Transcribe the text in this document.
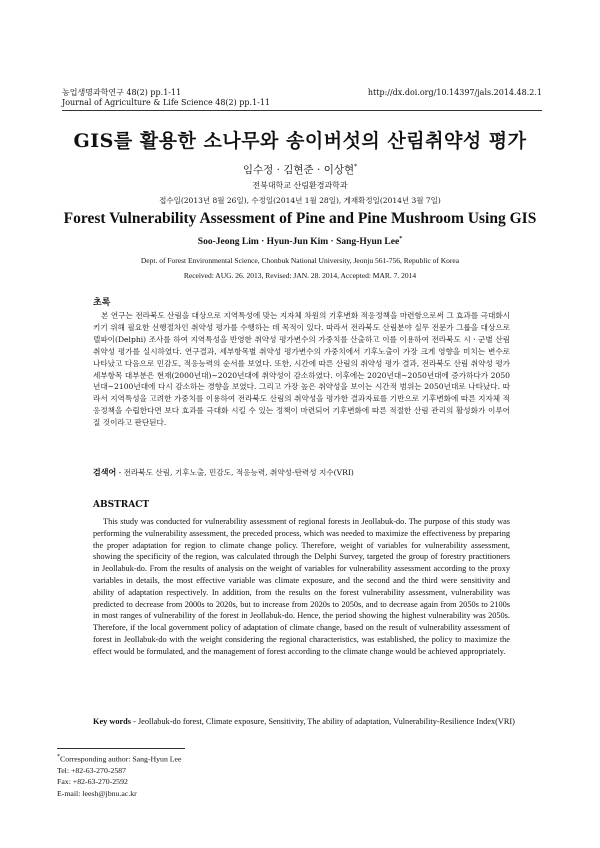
농업생명과학연구 48(2) pp.1-11	http://dx.doi.org/10.14397/jals.2014.48.2.1
Journal of Agriculture & Life Science 48(2) pp.1-11
GIS를 활용한 소나무와 송이버섯의 산림취약성 평가
임수정 · 김현준 · 이상현*
전북대학교 산림환경과학과
접수일(2013년 8월 26일), 수정일(2014년 1월 28일), 게재확정일(2014년 3월 7일)
Forest Vulnerability Assessment of Pine and Pine Mushroom Using GIS
Soo-Jeong Lim · Hyun-Jun Kim · Sang-Hyun Lee*
Dept. of Forest Environmental Science, Chonbuk National University, Jeonju 561-756, Republic of Korea
Received: AUG. 26. 2013, Revised: JAN. 28. 2014, Accepted: MAR. 7. 2014
초록
본 연구는 전라북도 산림을 대상으로 지역특성에 맞는 지자체 차원의 기후변화 적응정책을 마련함으로써 그 효과를 극대화시키기 위해 필요한 선행절차인 취약성 평가를 수행하는 데 목적이 있다. 따라서 전라북도 산림분야 실무 전문가 그룹을 대상으로 델파이(Delphi) 조사를 하여 지역특성을 반영한 취약성 평가변수의 가중치를 산출하고 이를 이용하여 전라북도 시ㆍ군별 산림 취약성 평가를 실시하였다. 연구결과, 세부항목별 취약성 평가변수의 가중치에서 기후노출이 가장 크게 영향을 미치는 변수로 나타났고 다음으로 민감도, 적응능력의 순서를 보였다. 또한, 시간에 따른 산림의 취약성 평가 결과, 전라북도 산림 취약성 평가 세부항목 대부분은 현재(2000년대)∼2020년대에 취약성이 감소하였다. 이후에는 2020년대∼2050년대에 증가하다가 2050년대∼2100년대에 다시 감소하는 경향을 보였다. 그리고 가장 높은 취약성을 보이는 시간적 범위는 2050년대로 나타났다. 따라서 지역특성을 고려한 가중치를 이용하여 전라북도 산림의 취약성을 평가한 결과자료를 기반으로 기후변화에 따른 지자체 적응정책을 수립한다면 보다 효과를 극대화 시킬 수 있는 정책이 마련되어 기후변화에 따른 적절한 산림 관리의 활성화가 이루어질 것이라고 판단된다.
검색어 - 전라북도 산림, 기후노출, 민감도, 적응능력, 취약성-탄력성 지수(VRI)
ABSTRACT
This study was conducted for vulnerability assessment of regional forests in Jeollabuk-do. The purpose of this study was performing the vulnerability assessment, the preceded process, which was needed to maximize the effectiveness by preparing the proper adaptation for region to climate change policy. Therefore, weight of variables for vulnerability assessment, showing the specificity of the region, was calculated through the Delphi Survey, targeted the group of forestry practitioners in Jeollabuk-do. From the results of analysis on the weight of variables for vulnerability assessment according to the proxy variables in details, the most effective variable was climate exposure, and the second and the third were sensitivity and ability of adaptation respectively. In addition, from the results on the forest vulnerability assessment, vulnerability was predicted to decrease from 2000s to 2020s, but to increase from 2020s to 2050s, and to decrease again from 2050s to 2100s in most ranges of vulnerability of the forest in Jeollabuk-do. Hence, the period showing the highest vulnerability was 2050s. Therefore, if the local government policy of adaptation of climate change, based on the result of vulnerability assessment of forest in Jeollabuk-do with the weight considering the regional characteristics, was established, the policy to maximize the effect would be formulated, and the management of forest according to the climate change would be achieved appropriately.
Key words - Jeollabuk-do forest, Climate exposure, Sensitivity, The ability of adaptation, Vulnerability-Resilience Index(VRI)
*Corresponding author: Sang-Hyun Lee
Tel: +82-63-270-2587
Fax: +82-63-270-2592
E-mail: leesh@jbnu.ac.kr
